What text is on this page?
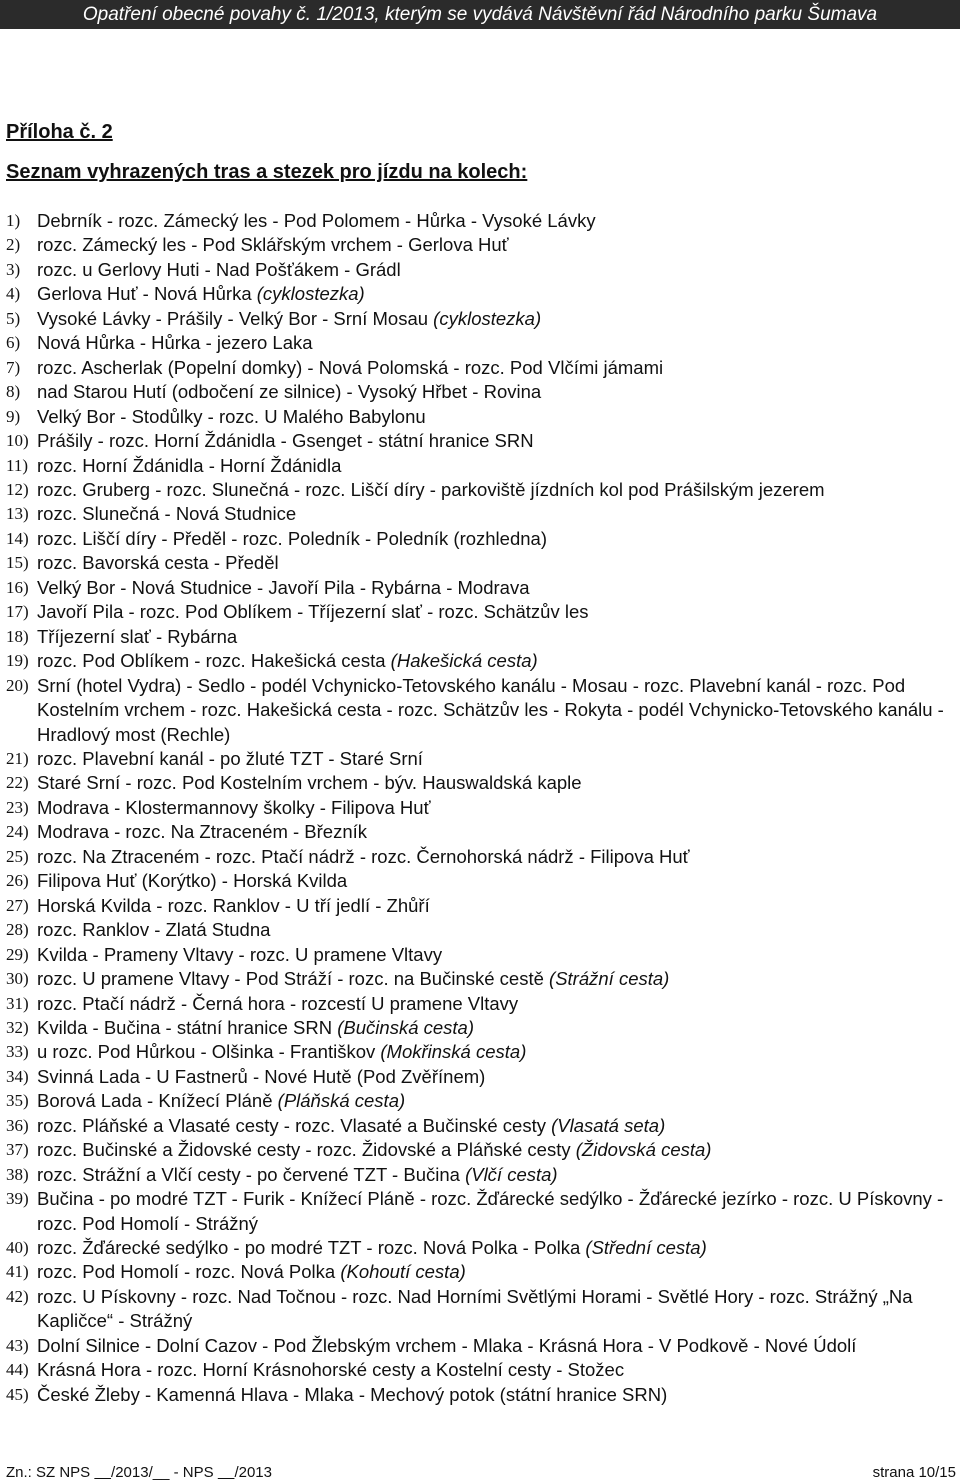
Opatření obecné povahy č. 1/2013, kterým se vydává Návštěvní řád Národního parku Šumava
Příloha č. 2
Seznam vyhrazených tras a stezek pro jízdu na kolech:
1) Debrník - rozc. Zámecký les - Pod Polomem - Hůrka - Vysoké Lávky
2) rozc. Zámecký les - Pod Sklářským vrchem - Gerlova Huť
3) rozc. u Gerlovy Huti - Nad Pošťákem - Grádl
4) Gerlova Huť - Nová Hůrka (cyklostezka)
5) Vysoké Lávky - Prášily - Velký Bor - Srní Mosau (cyklostezka)
6) Nová Hůrka - Hůrka - jezero Laka
7) rozc. Ascherlak (Popelní domky) - Nová Polomská - rozc. Pod Vlčími jámami
8) nad Starou Hutí (odbočení ze silnice) - Vysoký Hřbet - Rovina
9) Velký Bor - Stodůlky - rozc. U Malého Babylonu
10) Prášily - rozc. Horní Ždánidla - Gsenget - státní hranice SRN
11) rozc. Horní Ždánidla - Horní Ždánidla
12) rozc. Gruberg - rozc. Slunečná - rozc. Liščí díry - parkoviště jízdních kol pod Prášilským jezerem
13) rozc. Slunečná - Nová Studnice
14) rozc. Liščí díry - Předěl - rozc. Poledník - Poledník (rozhledna)
15) rozc. Bavorská cesta - Předěl
16) Velký Bor - Nová Studnice - Javoří Pila - Rybárna - Modrava
17) Javoří Pila - rozc. Pod Oblíkem - Tříjezerní slať - rozc. Schätzův les
18) Tříjezerní slať - Rybárna
19) rozc. Pod Oblíkem - rozc. Hakešická cesta (Hakešická cesta)
20) Srní (hotel Vydra) - Sedlo - podél Vchynicko-Tetovského kanálu - Mosau - rozc. Plavební kanál - rozc. Pod Kostelním vrchem - rozc. Hakešická cesta - rozc. Schätzův les - Rokyta - podél Vchynicko-Tetovského kanálu - Hradlový most (Rechle)
21) rozc. Plavební kanál - po žluté TZT - Staré Srní
22) Staré Srní - rozc. Pod Kostelním vrchem - býv. Hauswaldská kaple
23) Modrava - Klostermannovy školky - Filipova Huť
24) Modrava - rozc. Na Ztraceném - Březník
25) rozc. Na Ztraceném - rozc. Ptačí nádrž - rozc. Černohorská nádrž - Filipova Huť
26) Filipova Huť (Korýtko) - Horská Kvilda
27) Horská Kvilda - rozc. Ranklov - U tří jedlí - Zhůří
28) rozc. Ranklov - Zlatá Studna
29) Kvilda - Prameny Vltavy - rozc. U pramene Vltavy
30) rozc. U pramene Vltavy - Pod Stráží - rozc. na Bučinské cestě (Strážní cesta)
31) rozc. Ptačí nádrž - Černá hora - rozcestí U pramene Vltavy
32) Kvilda - Bučina - státní hranice SRN (Bučinská cesta)
33) u rozc. Pod Hůrkou - Olšinka - Františkov (Mokřinská cesta)
34) Svinná Lada - U Fastnerů - Nové Hutě (Pod Zvěřínem)
35) Borová Lada - Knížecí Pláně (Pláňská cesta)
36) rozc. Pláňské a Vlasaté cesty - rozc. Vlasaté a Bučinské cesty (Vlasatá seta)
37) rozc. Bučinské a Židovské cesty - rozc. Židovské a Pláňské cesty (Židovská cesta)
38) rozc. Strážní a Vlčí cesty - po červené TZT - Bučina (Vlčí cesta)
39) Bučina - po modré TZT - Furik - Knížecí Pláně - rozc. Žďárecké sedýlko - Žďárecké jezírko - rozc. U Pískovny - rozc. Pod Homolí - Strážný
40) rozc. Žďárecké sedýlko - po modré TZT - rozc. Nová Polka - Polka (Střední cesta)
41) rozc. Pod Homolí - rozc. Nová Polka (Kohoutí cesta)
42) rozc. U Pískovny - rozc. Nad Točnou - rozc. Nad Horními Světlými Horami - Světlé Hory - rozc. Strážný „Na Kapličce“ - Strážný
43) Dolní Silnice - Dolní Cazov - Pod Žlebským vrchem - Mlaka - Krásná Hora - V Podkově - Nové Údolí
44) Krásná Hora - rozc. Horní Krásnohorské cesty a Kostelní cesty - Stožec
45) České Žleby - Kamenná Hlava - Mlaka - Mechový potok (státní hranice SRN)
Zn.: SZ NPS     /2013/__ - NPS     /2013	strana 10/15
